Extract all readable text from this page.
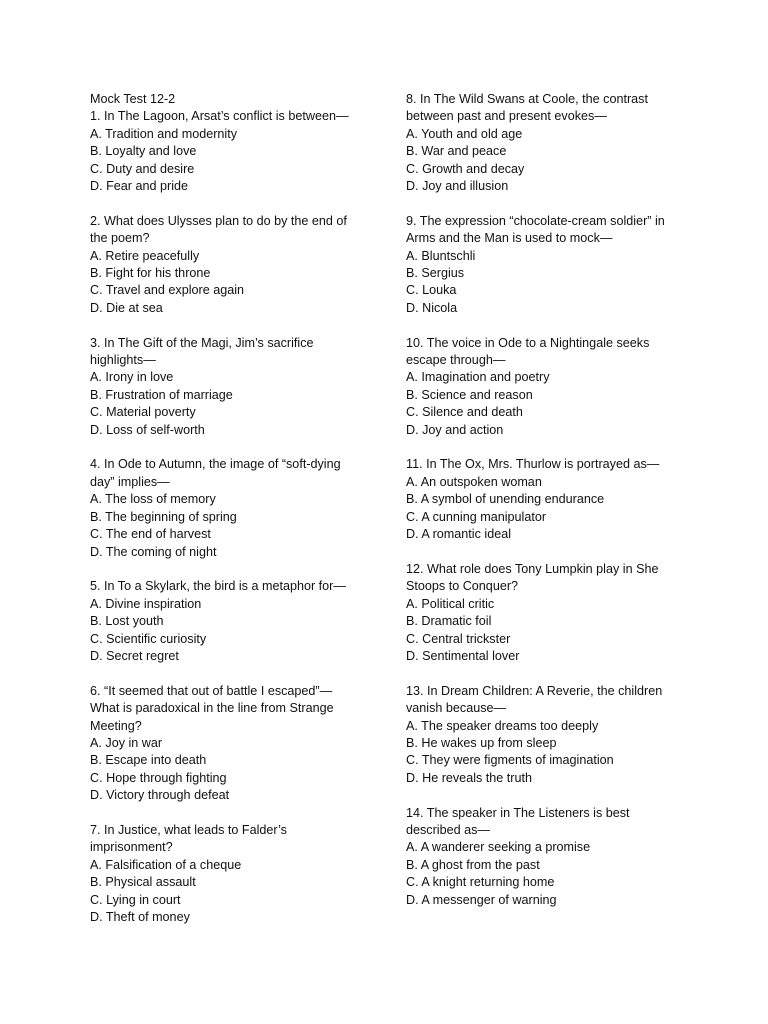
Mock Test 12-2

1. In The Lagoon, Arsat’s conflict is between—

A. Tradition and modernity

B. Loyalty and love

C. Duty and desire

D. Fear and pride

2. What does Ulysses plan to do by the end of

the poem?

A. Retire peacefully

B. Fight for his throne

C. Travel and explore again

D. Die at sea

3. In The Gift of the Magi, Jim’s sacrifice

highlights—

A. Irony in love

B. Frustration of marriage

C. Material poverty

D. Loss of self-worth

4. In Ode to Autumn, the image of “soft-dying

day” implies—

A. The loss of memory

B. The beginning of spring

C. The end of harvest

D. The coming of night

5. In To a Skylark, the bird is a metaphor for—

A. Divine inspiration

B. Lost youth

C. Scientific curiosity

D. Secret regret

6. “It seemed that out of battle I escaped”—

What is paradoxical in the line from Strange

Meeting?

A. Joy in war

B. Escape into death

C. Hope through fighting

D. Victory through defeat

7. In Justice, what leads to Falder’s

imprisonment?

A. Falsification of a cheque

B. Physical assault

C. Lying in court

D. Theft of money

8. In The Wild Swans at Coole, the contrast

between past and present evokes—

A. Youth and old age

B. War and peace

C. Growth and decay

D. Joy and illusion

9. The expression “chocolate-cream soldier” in

Arms and the Man is used to mock—

A. Bluntschli

B. Sergius

C. Louka

D. Nicola

10. The voice in Ode to a Nightingale seeks

escape through—

A. Imagination and poetry

B. Science and reason

C. Silence and death

D. Joy and action

11. In The Ox, Mrs. Thurlow is portrayed as—

A. An outspoken woman

B. A symbol of unending endurance

C. A cunning manipulator

D. A romantic ideal

12. What role does Tony Lumpkin play in She

Stoops to Conquer?

A. Political critic

B. Dramatic foil

C. Central trickster

D. Sentimental lover

13. In Dream Children: A Reverie, the children

vanish because—

A. The speaker dreams too deeply

B. He wakes up from sleep

C. They were figments of imagination

D. He reveals the truth

14. The speaker in The Listeners is best

described as—

A. A wanderer seeking a promise

B. A ghost from the past

C. A knight returning home

D. A messenger of warning
